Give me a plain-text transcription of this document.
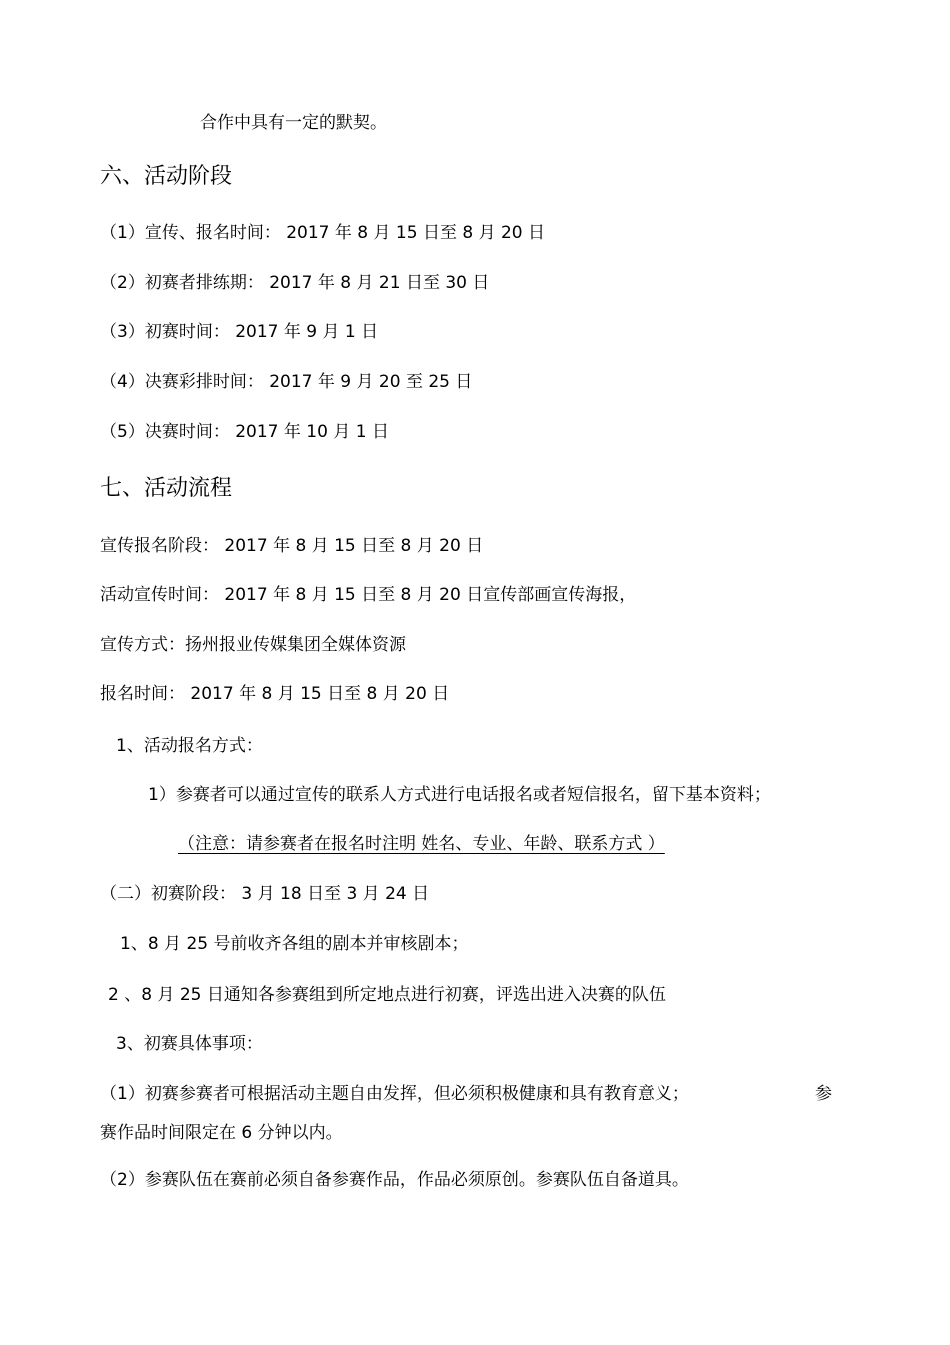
合作中具有一定的默契。
六、活动阶段
（1）宣传、报名时间： 2017 年 8 月 15 日至 8 月 20 日
（2）初赛者排练期： 2017 年 8 月 21 日至 30 日
（3）初赛时间： 2017 年 9 月 1 日
（4）决赛彩排时间： 2017 年 9 月 20 至 25 日
（5）决赛时间： 2017 年 10 月 1 日
七、活动流程
宣传报名阶段： 2017 年 8 月 15 日至 8 月 20 日
活动宣传时间： 2017 年 8 月 15 日至 8 月 20 日宣传部画宣传海报，
宣传方式：扬州报业传媒集团全媒体资源
报名时间： 2017 年 8 月 15 日至 8 月 20 日
1、活动报名方式：
1）参赛者可以通过宣传的联系人方式进行电话报名或者短信报名，留下基本资料；
（注意：请参赛者在报名时注明 姓名、专业、年龄、联系方式 ）
（二）初赛阶段： 3 月 18 日至 3 月 24 日
1、8 月 25 号前收齐各组的剧本并审核剧本；
2 、8 月 25 日通知各参赛组到所定地点进行初赛，评选出进入决赛的队伍
3、初赛具体事项：
（1）初赛参赛者可根据活动主题自由发挥，但必须积极健康和具有教育意义；	参
赛作品时间限定在 6 分钟以内。
（2）参赛队伍在赛前必须自备参赛作品，作品必须原创。参赛队伍自备道具。
